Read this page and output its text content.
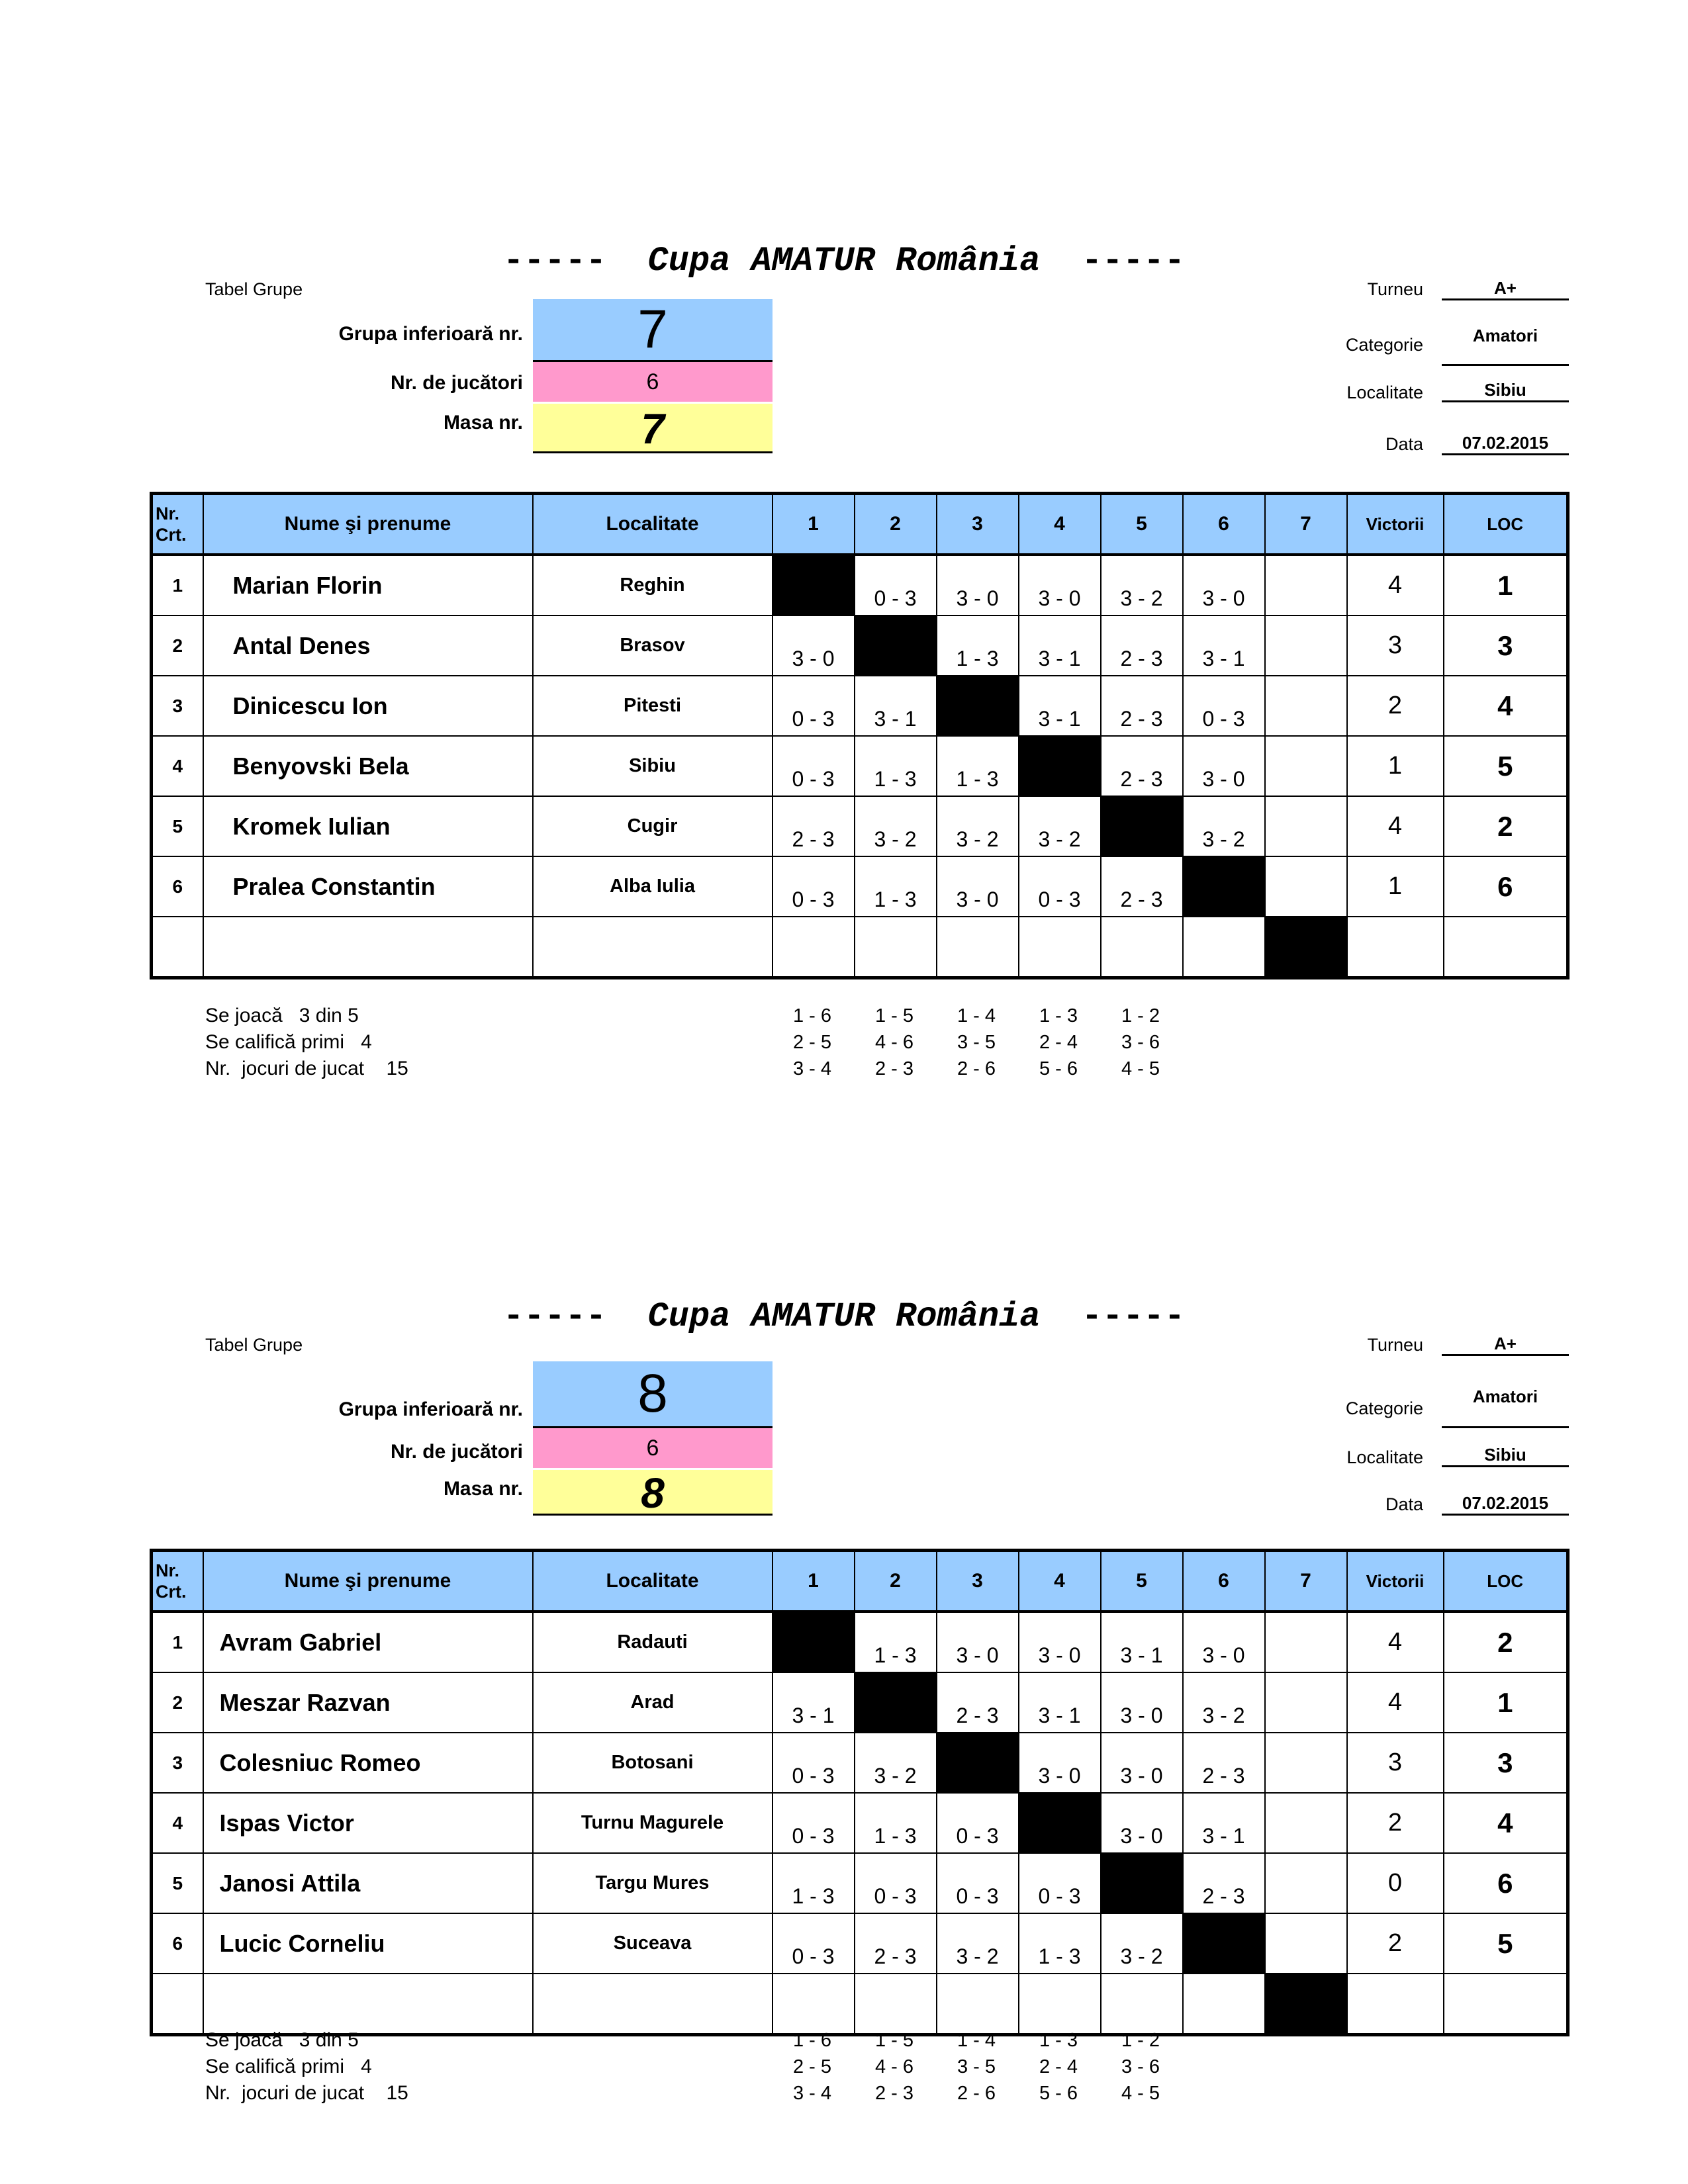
----- Cupa AMATUR România -----
Tabel Grupe
Grupa inferioară nr.	7
Nr. de jucători	6
Masa nr.	7
Turneu	A+
Categorie	Amatori
Localitate	Sibiu
Data	07.02.2015
Nr. Crt.	Nume şi prenume	Localitate	1	2	3	4	5	6	7	Victorii	LOC
1	Marian Florin	Reghin		0 - 3	3 - 0	3 - 0	3 - 2	3 - 0		4	1
2	Antal Denes	Brasov	3 - 0		1 - 3	3 - 1	2 - 3	3 - 1		3	3
3	Dinicescu Ion	Pitesti	0 - 3	3 - 1		3 - 1	2 - 3	0 - 3		2	4
4	Benyovski Bela	Sibiu	0 - 3	1 - 3	1 - 3		2 - 3	3 - 0		1	5
5	Kromek Iulian	Cugir	2 - 3	3 - 2	3 - 2	3 - 2		3 - 2		4	2
6	Pralea Constantin	Alba Iulia	0 - 3	1 - 3	3 - 0	0 - 3	2 - 3			1	6

Se joacă   3 din 5
Se califică primi   4
Nr.  jocuri de jucat    15
1 - 6	1 - 5	1 - 4	1 - 3	1 - 2
2 - 5	4 - 6	3 - 5	2 - 4	3 - 6
3 - 4	2 - 3	2 - 6	5 - 6	4 - 5
----- Cupa AMATUR România -----
Tabel Grupe
Grupa inferioară nr.	8
Nr. de jucători	6
Masa nr.	8
Turneu	A+
Categorie
Amatori
Localitate	Sibiu
Data	07.02.2015
Nr. Crt.	Nume şi prenume	Localitate	1	2	3	4	5	6	7	Victorii	LOC
1	Avram Gabriel	Radauti		1 - 3	3 - 0	3 - 0	3 - 1	3 - 0		4	2
2	Meszar Razvan	Arad	3 - 1		2 - 3	3 - 1	3 - 0	3 - 2		4	1
3	Colesniuc Romeo	Botosani	0 - 3	3 - 2		3 - 0	3 - 0	2 - 3		3	3
4	Ispas Victor	Turnu Magurele	0 - 3	1 - 3	0 - 3		3 - 0	3 - 1		2	4
5	Janosi Attila	Targu Mures	1 - 3	0 - 3	0 - 3	0 - 3		2 - 3		0	6
6	Lucic Corneliu	Suceava	0 - 3	2 - 3	3 - 2	1 - 3	3 - 2			2	5

Se joacă   3 din 5
Se califică primi   4
Nr.  jocuri de jucat    15
1 - 6	1 - 5	1 - 4	1 - 3	1 - 2
2 - 5	4 - 6	3 - 5	2 - 4	3 - 6
3 - 4	2 - 3	2 - 6	5 - 6	4 - 5
